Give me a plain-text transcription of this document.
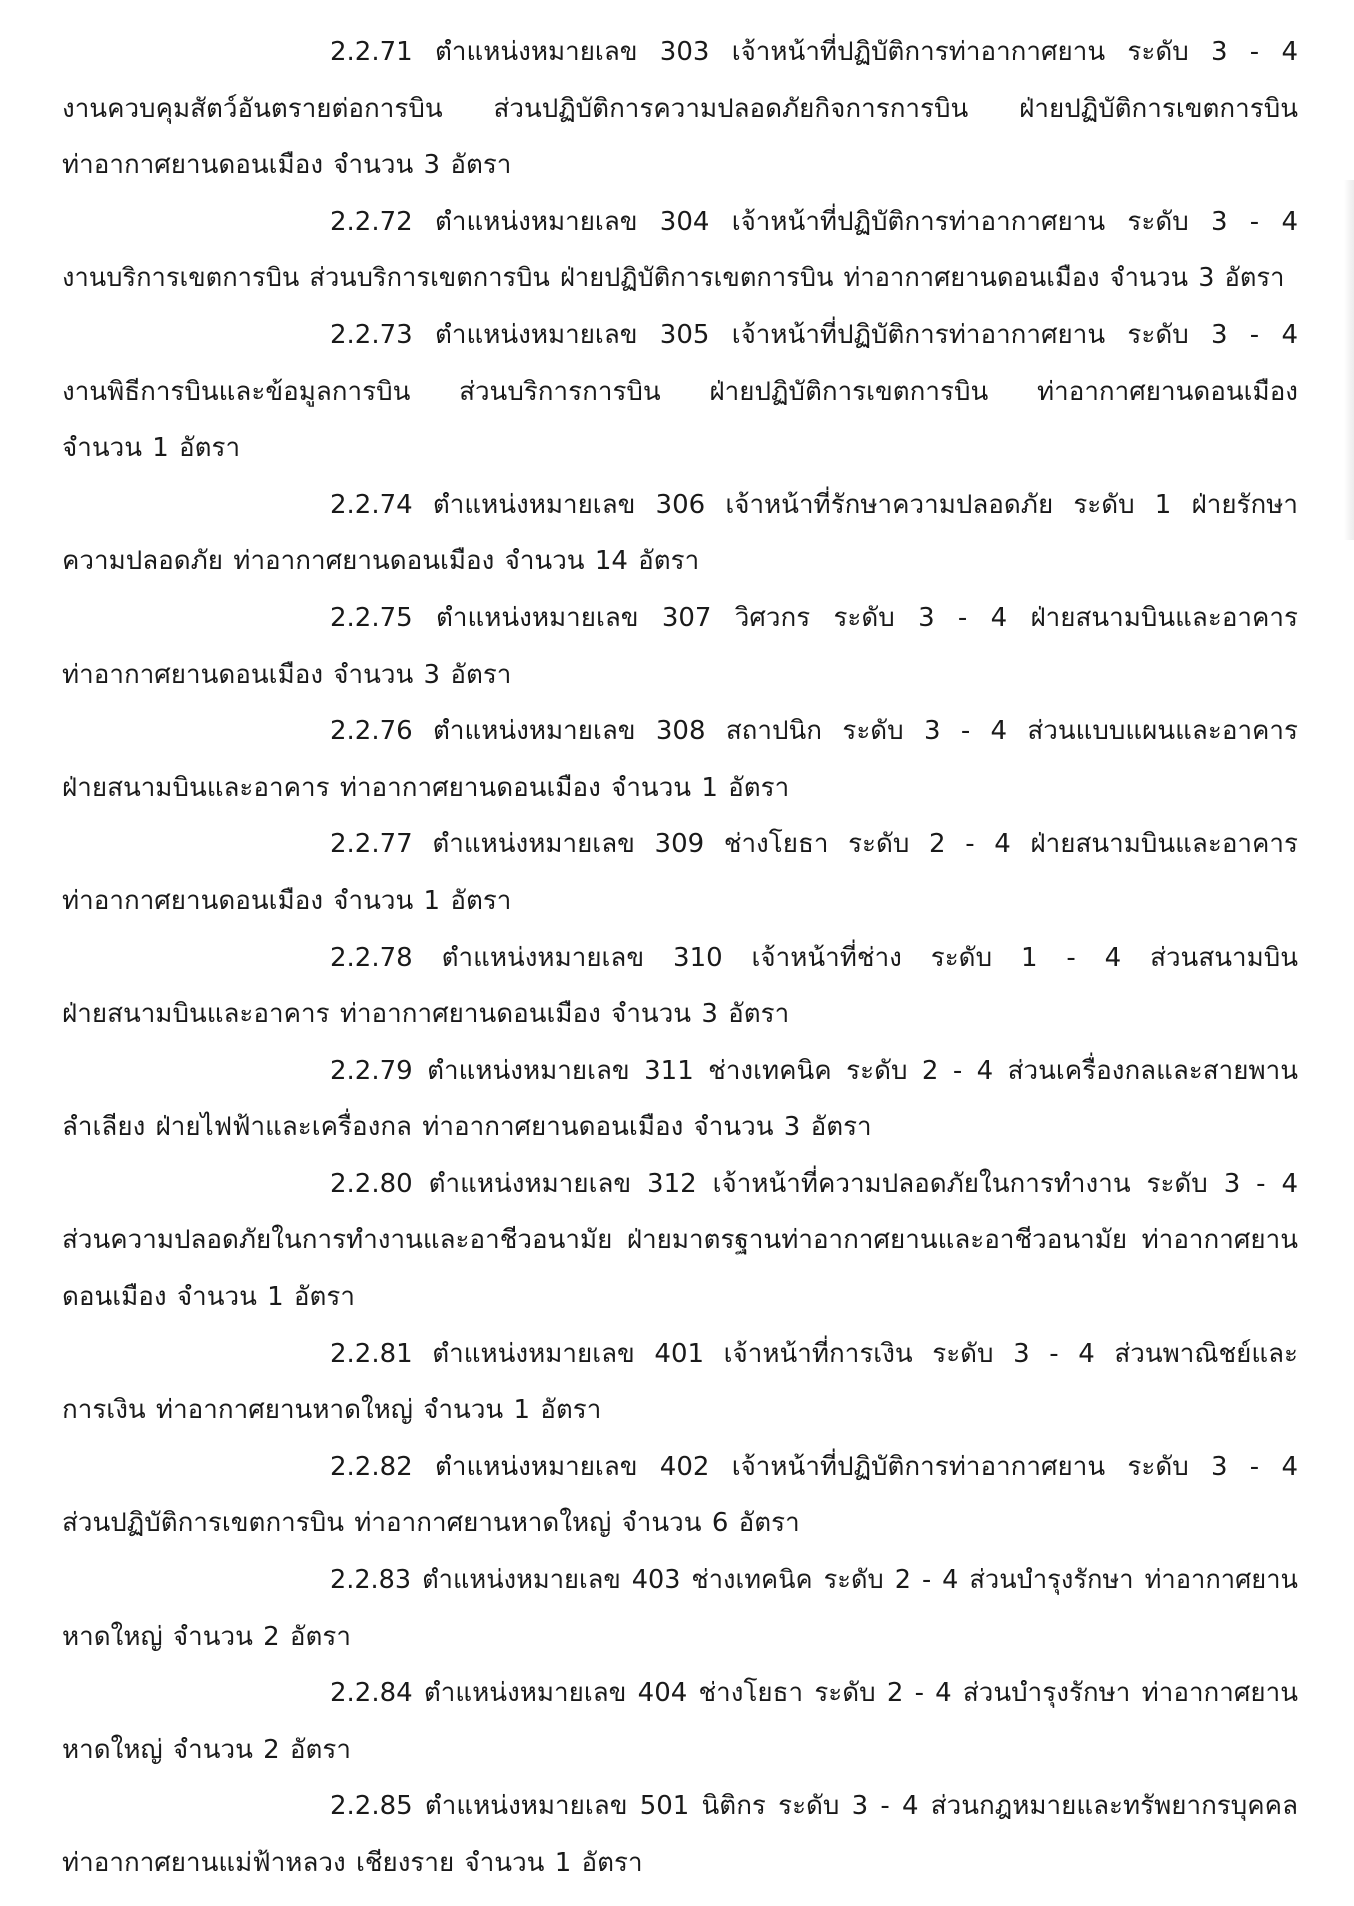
2.2.71 ตำแหน่งหมายเลข 303 เจ้าหน้าที่ปฏิบัติการท่าอากาศยาน ระดับ 3 - 4
งานควบคุมสัตว์อันตรายต่อการบิน ส่วนปฏิบัติการความปลอดภัยกิจการการบิน ฝ่ายปฏิบัติการเขตการบิน
ท่าอากาศยานดอนเมือง จำนวน 3 อัตรา
2.2.72 ตำแหน่งหมายเลข 304 เจ้าหน้าที่ปฏิบัติการท่าอากาศยาน ระดับ 3 - 4
งานบริการเขตการบิน ส่วนบริการเขตการบิน ฝ่ายปฏิบัติการเขตการบิน ท่าอากาศยานดอนเมือง จำนวน 3 อัตรา
2.2.73 ตำแหน่งหมายเลข 305 เจ้าหน้าที่ปฏิบัติการท่าอากาศยาน ระดับ 3 - 4
งานพิธีการบินและข้อมูลการบิน ส่วนบริการการบิน ฝ่ายปฏิบัติการเขตการบิน ท่าอากาศยานดอนเมือง
จำนวน 1 อัตรา
2.2.74 ตำแหน่งหมายเลข 306 เจ้าหน้าที่รักษาความปลอดภัย ระดับ 1 ฝ่ายรักษา
ความปลอดภัย ท่าอากาศยานดอนเมือง จำนวน 14 อัตรา
2.2.75 ตำแหน่งหมายเลข 307 วิศวกร ระดับ 3 - 4 ฝ่ายสนามบินและอาคาร
ท่าอากาศยานดอนเมือง จำนวน 3 อัตรา
2.2.76 ตำแหน่งหมายเลข 308 สถาปนิก ระดับ 3 - 4 ส่วนแบบแผนและอาคาร
ฝ่ายสนามบินและอาคาร ท่าอากาศยานดอนเมือง จำนวน 1 อัตรา
2.2.77 ตำแหน่งหมายเลข 309 ช่างโยธา ระดับ 2 - 4 ฝ่ายสนามบินและอาคาร
ท่าอากาศยานดอนเมือง จำนวน 1 อัตรา
2.2.78 ตำแหน่งหมายเลข 310 เจ้าหน้าที่ช่าง ระดับ 1 - 4 ส่วนสนามบิน
ฝ่ายสนามบินและอาคาร ท่าอากาศยานดอนเมือง จำนวน 3 อัตรา
2.2.79 ตำแหน่งหมายเลข 311 ช่างเทคนิค ระดับ 2 - 4 ส่วนเครื่องกลและสายพาน
ลำเลียง ฝ่ายไฟฟ้าและเครื่องกล ท่าอากาศยานดอนเมือง จำนวน 3 อัตรา
2.2.80 ตำแหน่งหมายเลข 312 เจ้าหน้าที่ความปลอดภัยในการทำงาน ระดับ 3 - 4
ส่วนความปลอดภัยในการทำงานและอาชีวอนามัย ฝ่ายมาตรฐานท่าอากาศยานและอาชีวอนามัย ท่าอากาศยาน
ดอนเมือง จำนวน 1 อัตรา
2.2.81 ตำแหน่งหมายเลข 401 เจ้าหน้าที่การเงิน ระดับ 3 - 4 ส่วนพาณิชย์และ
การเงิน ท่าอากาศยานหาดใหญ่ จำนวน 1 อัตรา
2.2.82 ตำแหน่งหมายเลข 402 เจ้าหน้าที่ปฏิบัติการท่าอากาศยาน ระดับ 3 - 4
ส่วนปฏิบัติการเขตการบิน ท่าอากาศยานหาดใหญ่ จำนวน 6 อัตรา
2.2.83 ตำแหน่งหมายเลข 403 ช่างเทคนิค ระดับ 2 - 4 ส่วนบำรุงรักษา ท่าอากาศยาน
หาดใหญ่ จำนวน 2 อัตรา
2.2.84 ตำแหน่งหมายเลข 404 ช่างโยธา ระดับ 2 - 4 ส่วนบำรุงรักษา ท่าอากาศยาน
หาดใหญ่ จำนวน 2 อัตรา
2.2.85 ตำแหน่งหมายเลข 501 นิติกร ระดับ 3 - 4 ส่วนกฎหมายและทรัพยากรบุคคล
ท่าอากาศยานแม่ฟ้าหลวง เชียงราย จำนวน 1 อัตรา
